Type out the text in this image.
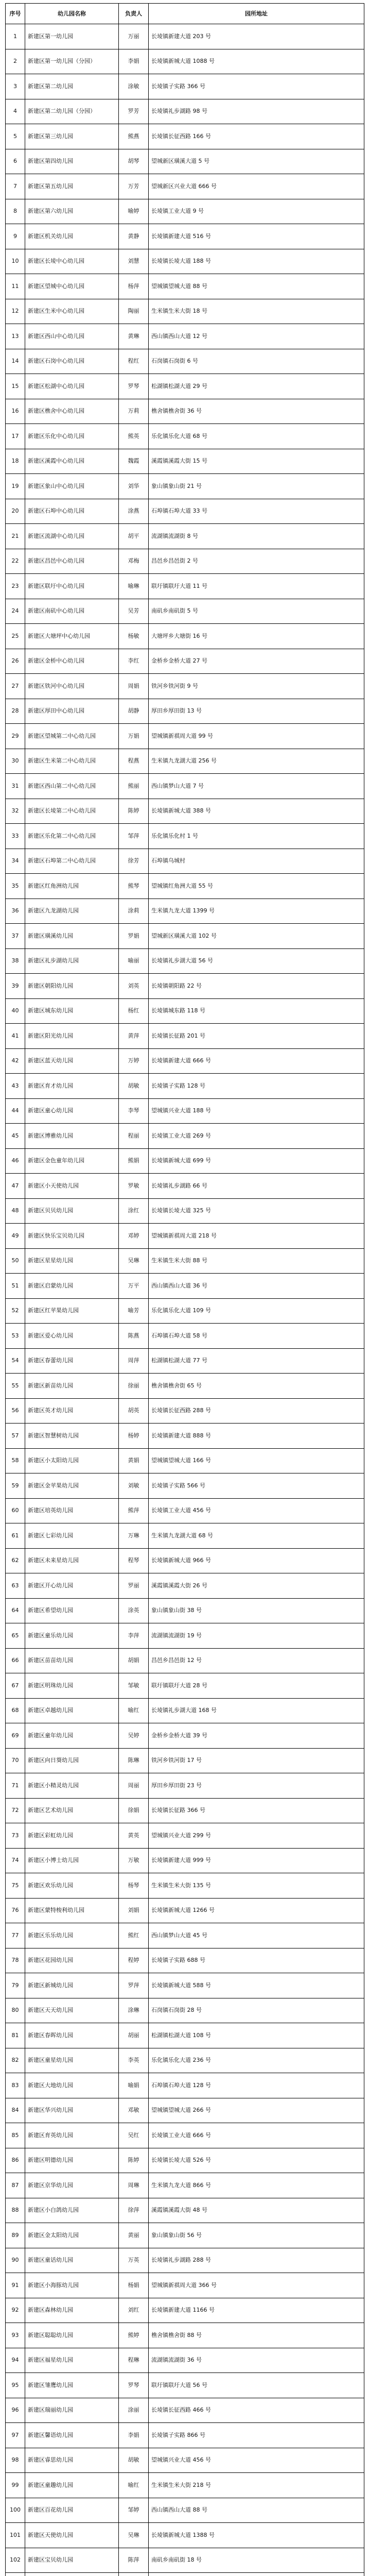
序号	幼儿园名称	负责人	园所地址
1	新建区第一幼儿园	万丽	长堎镇新建大道 203 号
2	新建区第一幼儿园（分园）	李娟	长堎镇新城大道 1088 号
3	新建区第二幼儿园	涂敏	长堎镇子实路 366 号
4	新建区第二幼儿园（分园）	罗芳	长堎镇礼步湖路 98 号
5	新建区第三幼儿园	熊燕	长堎镇长征西路 166 号
6	新建区第四幼儿园	胡琴	望城新区璜溪大道 5 号
7	新建区第五幼儿园	万芳	望城新区兴业大道 666 号
8	新建区第六幼儿园	喻婷	长堎镇工业大道 9 号
9	新建区机关幼儿园	黄静	长堎镇新建大道 516 号
10	新建区长堎中心幼儿园	刘慧	长堎镇长堎大道 188 号
11	新建区望城中心幼儿园	杨萍	望城镇望城大道 88 号
12	新建区生米中心幼儿园	陶丽	生米镇生米大街 18 号
13	新建区西山中心幼儿园	黄琳	西山镇西山大道 12 号
14	新建区石岗中心幼儿园	程红	石岗镇石岗街 6 号
15	新建区松湖中心幼儿园	罗琴	松湖镇松湖大道 29 号
16	新建区樵舍中心幼儿园	万莉	樵舍镇樵舍街 36 号
17	新建区乐化中心幼儿园	熊英	乐化镇乐化大道 68 号
18	新建区溪霞中心幼儿园	魏霞	溪霞镇溪霞大街 15 号
19	新建区象山中心幼儿园	刘华	象山镇象山街 21 号
20	新建区石埠中心幼儿园	涂燕	石埠镇石埠大道 33 号
21	新建区流湖中心幼儿园	胡平	流湖镇流湖街 8 号
22	新建区昌邑中心幼儿园	邓梅	昌邑乡昌邑街 2 号
23	新建区联圩中心幼儿园	喻琳	联圩镇联圩大道 11 号
24	新建区南矶中心幼儿园	吴芳	南矶乡南矶街 5 号
25	新建区大塘坪中心幼儿园	杨敏	大塘坪乡大塘街 16 号
26	新建区金桥中心幼儿园	李红	金桥乡金桥大道 27 号
27	新建区铁河中心幼儿园	周娟	铁河乡铁河街 9 号
28	新建区厚田中心幼儿园	胡静	厚田乡厚田街 13 号
29	新建区望城第二中心幼儿园	万娟	望城镇新祺周大道 99 号
30	新建区生米第二中心幼儿园	程燕	生米镇九龙湖大道 256 号
31	新建区西山第二中心幼儿园	熊丽	西山镇梦山大道 7 号
32	新建区长堎第二中心幼儿园	陈婷	长堎镇新城大道 388 号
33	新建区乐化第二中心幼儿园	邹萍	乐化镇乐化村 1 号
34	新建区石埠第二中心幼儿园	徐芳	石埠镇乌城村
35	新建区红角洲幼儿园	熊琴	望城镇红角洲大道 55 号
36	新建区九龙湖幼儿园	涂莉	生米镇九龙大道 1399 号
37	新建区璜溪幼儿园	罗娟	望城新区璜溪大道 102 号
38	新建区礼步湖幼儿园	喻丽	长堎镇礼步湖大道 56 号
39	新建区朝阳幼儿园	刘英	长堎镇朝阳路 22 号
40	新建区城东幼儿园	杨红	长堎镇城东路 118 号
41	新建区阳光幼儿园	黄萍	长堎镇长征路 201 号
42	新建区蓝天幼儿园	万婷	长堎镇新建大道 666 号
43	新建区育才幼儿园	胡敏	长堎镇子实路 128 号
44	新建区童心幼儿园	李琴	望城镇兴业大道 188 号
45	新建区博雅幼儿园	程丽	长堎镇工业大道 269 号
46	新建区金色童年幼儿园	熊娟	长堎镇新城大道 699 号
47	新建区小天使幼儿园	罗敏	长堎镇礼步湖路 66 号
48	新建区贝贝幼儿园	涂红	长堎镇长堎大道 325 号
49	新建区快乐宝贝幼儿园	邓婷	望城镇新祺周大道 218 号
50	新建区星星幼儿园	吴琳	生米镇生米大街 88 号
51	新建区启蒙幼儿园	万平	西山镇西山大道 36 号
52	新建区红苹果幼儿园	喻芳	乐化镇乐化大道 109 号
53	新建区爱心幼儿园	陈燕	石埠镇石埠大道 58 号
54	新建区春蕾幼儿园	周萍	松湖镇松湖大道 77 号
55	新建区新苗幼儿园	徐丽	樵舍镇樵舍街 65 号
56	新建区英才幼儿园	胡英	长堎镇长征西路 288 号
57	新建区智慧树幼儿园	杨婷	长堎镇新建大道 888 号
58	新建区小太阳幼儿园	黄娟	望城镇望城大道 166 号
59	新建区金苹果幼儿园	刘敏	长堎镇子实路 566 号
60	新建区培英幼儿园	熊萍	长堎镇工业大道 456 号
61	新建区七彩幼儿园	万琳	生米镇九龙湖大道 68 号
62	新建区未来星幼儿园	程琴	长堎镇新城大道 966 号
63	新建区开心幼儿园	罗丽	溪霞镇溪霞大街 26 号
64	新建区希望幼儿园	涂英	象山镇象山街 38 号
65	新建区童乐幼儿园	李萍	流湖镇流湖街 19 号
66	新建区苗苗幼儿园	胡娟	昌邑乡昌邑街 12 号
67	新建区明珠幼儿园	邹敏	联圩镇联圩大道 28 号
68	新建区卓越幼儿园	喻红	长堎镇礼步湖大道 168 号
69	新建区童年幼儿园	吴婷	金桥乡金桥大道 39 号
70	新建区向日葵幼儿园	陈琳	铁河乡铁河街 17 号
71	新建区小精灵幼儿园	周丽	厚田乡厚田街 23 号
72	新建区艺术幼儿园	徐娟	长堎镇长征路 366 号
73	新建区彩虹幼儿园	黄英	望城镇兴业大道 299 号
74	新建区小博士幼儿园	万敏	长堎镇新建大道 999 号
75	新建区欢乐幼儿园	杨琴	生米镇生米大街 135 号
76	新建区蒙特梭利幼儿园	刘娟	长堎镇新城大道 1266 号
77	新建区乐乐幼儿园	熊红	西山镇梦山大道 45 号
78	新建区花园幼儿园	程婷	长堎镇子实路 688 号
79	新建区新城幼儿园	罗萍	长堎镇新城大道 588 号
80	新建区天天幼儿园	涂琳	石岗镇石岗街 28 号
81	新建区春晖幼儿园	胡丽	松湖镇松湖大道 108 号
82	新建区童星幼儿园	李英	乐化镇乐化大道 236 号
83	新建区大地幼儿园	喻娟	石埠镇石埠大道 128 号
84	新建区华兴幼儿园	邓敏	望城镇望城大道 266 号
85	新建区育英幼儿园	吴红	长堎镇工业大道 666 号
86	新建区明德幼儿园	陈婷	长堎镇长堎大道 526 号
87	新建区京华幼儿园	周琳	生米镇九龙大道 866 号
88	新建区小白鸽幼儿园	徐萍	溪霞镇溪霞大街 48 号
89	新建区金太阳幼儿园	黄丽	象山镇象山街 56 号
90	新建区童话幼儿园	万英	长堎镇礼步湖路 288 号
91	新建区小海豚幼儿园	杨娟	望城镇新祺周大道 366 号
92	新建区森林幼儿园	刘红	长堎镇新建大道 1166 号
93	新建区聪聪幼儿园	熊婷	樵舍镇樵舍街 88 号
94	新建区福星幼儿园	程琳	流湖镇流湖街 36 号
95	新建区雏鹰幼儿园	罗琴	联圩镇联圩大道 56 号
96	新建区瑞丽幼儿园	涂丽	长堎镇长征西路 466 号
97	新建区馨语幼儿园	李娟	长堎镇子实路 866 号
98	新建区睿思幼儿园	胡敏	望城镇兴业大道 456 号
99	新建区童趣幼儿园	喻红	生米镇生米大街 218 号
100	新建区百花幼儿园	邹婷	西山镇西山大道 88 号
101	新建区天使幼儿园	吴琳	长堎镇新城大道 1388 号
102	新建区宝贝幼儿园	陈萍	南矶乡南矶街 18 号
